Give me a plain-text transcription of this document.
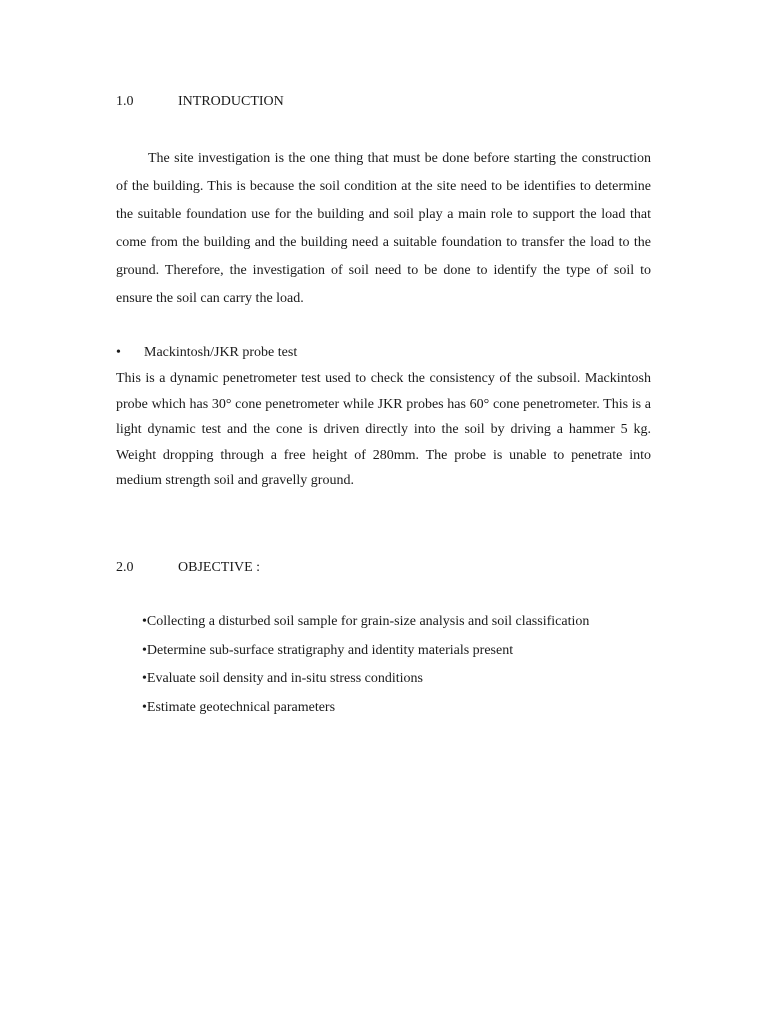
1.0	INTRODUCTION

The site investigation is the one thing that must be done before starting the construction of the building. This is because the soil condition at the site need to be identifies to determine the suitable foundation use for the building and soil play a main role to support the load that come from the building and the building need a suitable foundation to transfer the load to the ground. Therefore, the investigation of soil need to be done to identify the type of soil to ensure the soil can carry the load.

• Mackintosh/JKR probe test

This is a dynamic penetrometer test used to check the consistency of the subsoil. Mackintosh probe which has 30° cone penetrometer while JKR probes has 60° cone penetrometer. This is a light dynamic test and the cone is driven directly into the soil by driving a hammer 5 kg. Weight dropping through a free height of 280mm. The probe is unable to penetrate into medium strength soil and gravelly ground.

2.0	OBJECTIVE :
•Collecting a disturbed soil sample for grain-size analysis and soil classification
•Determine sub-surface stratigraphy and identity materials present
•Evaluate soil density and in-situ stress conditions
•Estimate geotechnical parameters
